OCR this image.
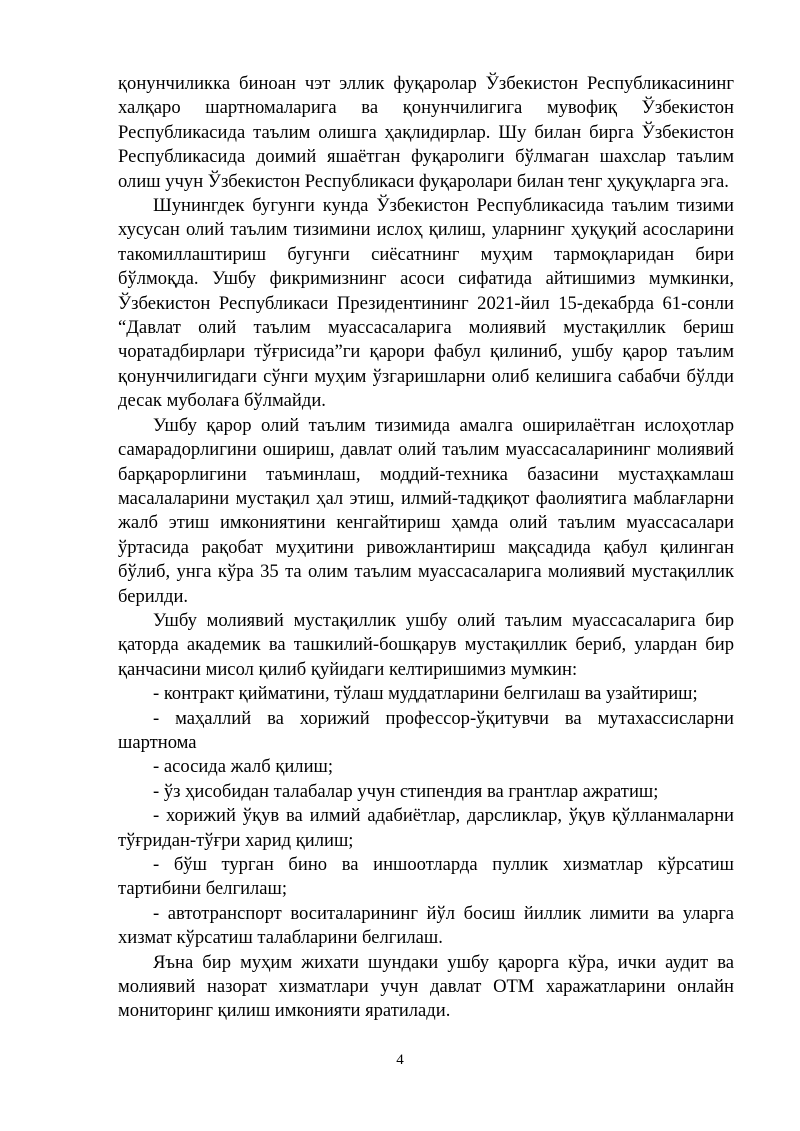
қонунчиликка биноан чэт эллик фуқаролар Ўзбекистон Республикасининг халқаро шартномаларига ва қонунчилигига мувофиқ Ўзбекистон Республикасида таълим олишга ҳақлидирлар. Шу билан бирга Ўзбекистон Республикасида доимий яшаётган фуқаролиги бўлмаган шахслар таълим олиш учун Ўзбекистон Республикаси фуқаролари билан тенг ҳуқуқларга эга.

Шунингдек бугунги кунда Ўзбекистон Республикасида таълим тизими хусусан олий таълим тизимини ислоҳ қилиш, уларнинг ҳуқуқий асосларини такомиллаштириш бугунги сиёсатнинг муҳим тармоқларидан бири бўлмоқда. Ушбу фикримизнинг асоси сифатида айтишимиз мумкинки, Ўзбекистон Республикаси Президентининг 2021-йил 15-декабрда 61-сонли “Давлат олий таълим муассасаларига молиявий мустақиллик бериш чоратадбирлари тўғрисида”ги қарори фабул қилиниб, ушбу қарор таълим қонунчилигидаги сўнги муҳим ўзгаришларни олиб келишига сабабчи бўлди десак муболаға бўлмайди.

Ушбу қарор олий таълим тизимида амалга оширилаётган ислоҳотлар самарадорлигини ошириш, давлат олий таълим муассасаларининг молиявий барқарорлигини таъминлаш, моддий-техника базасини мустаҳкамлаш масалаларини мустақил ҳал этиш, илмий-тадқиқот фаолиятига маблағларни жалб этиш имкониятини кенгайтириш ҳамда олий таълим муассасалари ўртасида рақобат муҳитини ривожлантириш мақсадида қабул қилинган бўлиб, унга кўра 35 та олим таълим муассасаларига молиявий мустақиллик берилди.

Ушбу молиявий мустақиллик ушбу олий таълим муассасаларига бир қаторда академик ва ташкилий-бошқарув мустақиллик бериб, улардан бир қанчасини мисол қилиб қуйидаги келтиришимиз мумкин:

- контракт қийматини, тўлаш муддатларини белгилаш ва узайтириш;

- маҳаллий ва хорижий профессор-ўқитувчи ва мутахассисларни шартнома

- асосида жалб қилиш;

- ўз ҳисобидан талабалар учун стипендия ва грантлар ажратиш;

- хорижий ўқув ва илмий адабиётлар, дарсликлар, ўқув қўлланмаларни тўғридан-тўғри харид қилиш;

- бўш турган бино ва иншоотларда пуллик хизматлар кўрсатиш тартибини белгилаш;

- автотранспорт воситаларининг йўл босиш йиллик лимити ва уларга хизмат кўрсатиш талабларини белгилаш.

Яъна бир муҳим жихати шундаки ушбу қарорга кўра, ички аудит ва молиявий назорат хизматлари учун давлат ОТМ харажатларини онлайн мониторинг қилиш имконияти яратилади.

4
